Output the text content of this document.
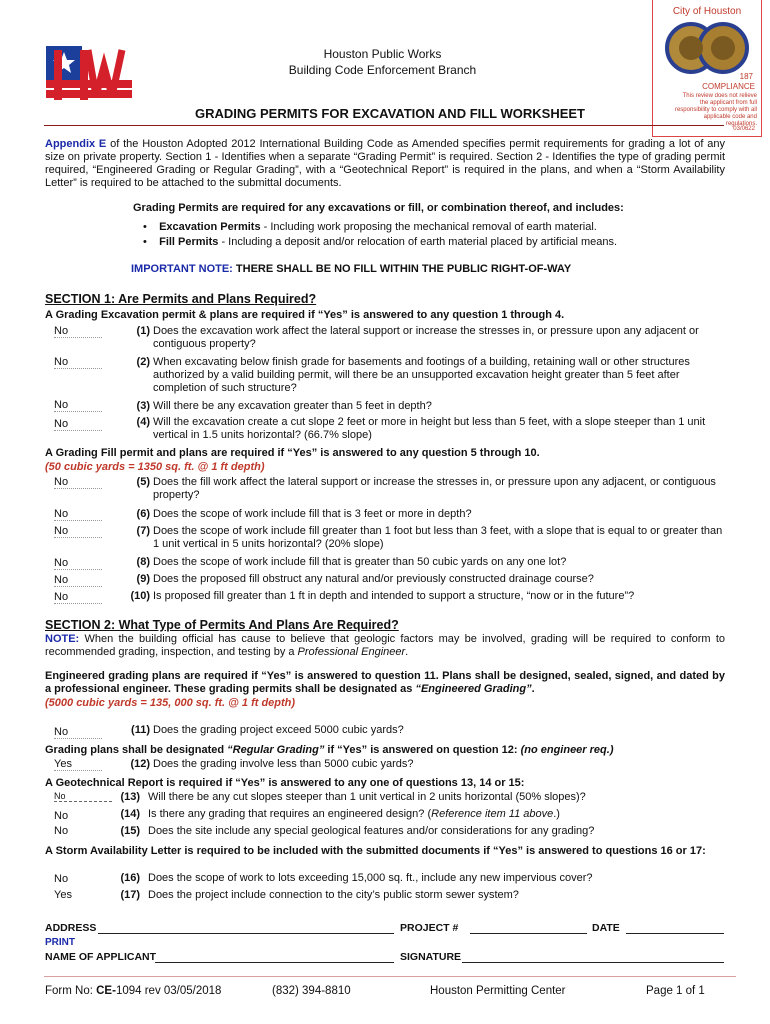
Houston Public Works
Building Code Enforcement Branch
GRADING PERMITS FOR EXCAVATION AND FILL WORKSHEET
City of Houston
187
COMPLIANCE
This review does not relieve the applicant from full responsibility to comply with all applicable code and regulations.
03/0622
Appendix E of the Houston Adopted 2012 International Building Code as Amended specifies permit requirements for grading a lot of any size on private property. Section 1 - Identifies when a separate “Grading Permit” is required. Section 2 - Identifies the type of grading permit required, “Engineered Grading or Regular Grading”, with a “Geotechnical Report” is required in the plans, and when a “Storm Availability Letter” is required to be attached to the submittal documents.
Grading Permits are required for any excavations or fill, or combination thereof, and includes:
• Excavation Permits - Including work proposing the mechanical removal of earth material.
• Fill Permits - Including a deposit and/or relocation of earth material placed by artificial means.
IMPORTANT NOTE: THERE SHALL BE NO FILL WITHIN THE PUBLIC RIGHT-OF-WAY
SECTION 1: Are Permits and Plans Required?
A Grading Excavation permit & plans are required if “Yes” is answered to any question 1 through 4.
No	(1) Does the excavation work affect the lateral support or increase the stresses in, or pressure upon any adjacent or contiguous property?
No	(2) When excavating below finish grade for basements and footings of a building, retaining wall or other structures authorized by a valid building permit, will there be an unsupported excavation height greater than 5 feet after completion of such structure?
No	(3) Will there be any excavation greater than 5 feet in depth?
No	(4) Will the excavation create a cut slope 2 feet or more in height but less than 5 feet, with a slope steeper than 1 unit vertical in 1.5 units horizontal? (66.7% slope)
A Grading Fill permit and plans are required if “Yes” is answered to any question 5 through 10.
(50 cubic yards = 1350 sq. ft. @ 1 ft depth)
No	(5) Does the fill work affect the lateral support or increase the stresses in, or pressure upon any adjacent, or contiguous property?
No	(6) Does the scope of work include fill that is 3 feet or more in depth?
No	(7) Does the scope of work include fill greater than 1 foot but less than 3 feet, with a slope that is equal to or greater than 1 unit vertical in 5 units horizontal? (20% slope)
No	(8) Does the scope of work include fill that is greater than 50 cubic yards on any one lot?
No	(9) Does the proposed fill obstruct any natural and/or previously constructed drainage course?
No	(10) Is proposed fill greater than 1 ft in depth and intended to support a structure, “now or in the future”?
SECTION 2: What Type of Permits And Plans Are Required?
NOTE: When the building official has cause to believe that geologic factors may be involved, grading will be required to conform to recommended grading, inspection, and testing by a Professional Engineer.
Engineered grading plans are required if “Yes” is answered to question 11. Plans shall be designed, sealed, signed, and dated by a professional engineer. These grading permits shall be designated as “Engineered Grading”.
(5000 cubic yards = 135, 000 sq. ft. @ 1 ft depth)
No	(11) Does the grading project exceed 5000 cubic yards?
Grading plans shall be designated “Regular Grading” if “Yes” is answered on question 12: (no engineer req.)
Yes	(12) Does the grading involve less than 5000 cubic yards?
A Geotechnical Report is required if “Yes” is answered to any one of questions 13, 14 or 15:
No	(13) Will there be any cut slopes steeper than 1 unit vertical in 2 units horizontal (50% slopes)?
No	(14) Is there any grading that requires an engineered design? (Reference item 11 above.)
No	(15) Does the site include any special geological features and/or considerations for any grading?
A Storm Availability Letter is required to be included with the submitted documents if “Yes” is answered to questions 16 or 17:
No	(16) Does the scope of work to lots exceeding 15,000 sq. ft., include any new impervious cover?
Yes	(17) Does the project include connection to the city’s public storm sewer system?
ADDRESS	PROJECT #	DATE
PRINT
NAME OF APPLICANT	SIGNATURE
Form No: CE-1094 rev 03/05/2018	(832) 394-8810	Houston Permitting Center	Page 1 of 1
